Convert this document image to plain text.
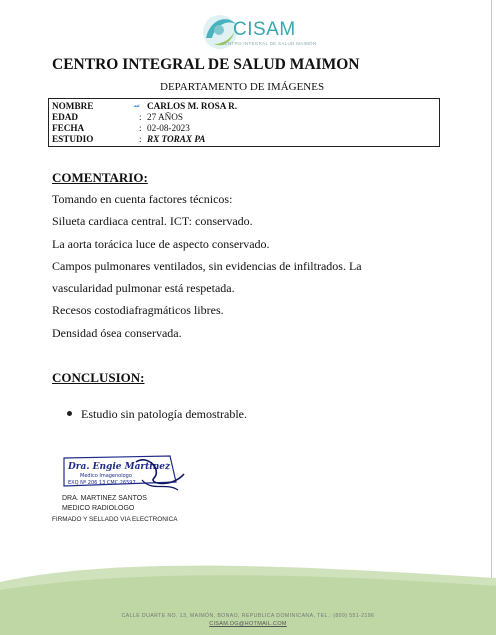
CISAM
CENTRO INTEGRAL DE SALUD MAIMON
CENTRO INTEGRAL DE SALUD MAIMON
DEPARTAMENTO DE IMÁGENES
NOMBRE	ﺳ CARLOS M. ROSA R.
EDAD	: 27 AÑOS
FECHA	: 02-08-2023
ESTUDIO	: RX TORAX PA
COMENTARIO:
Tomando en cuenta factores técnicos:
Silueta cardiaca central. ICT: conservado.
La aorta torácica luce de aspecto conservado.
Campos pulmonares ventilados, sin evidencias de infiltrados. La
vascularidad pulmonar está respetada.
Recesos costodiafragmáticos libres.
Densidad ósea conservada.
CONCLUSION:
Estudio sin patología demostrable.
Dra. Engie Martinez
Medico Imagenologo
EXQ Nº 206 13 CMC 26597
DRA. MARTINEZ SANTOS
MEDICO RADIOLOGO
FIRMADO Y SELLADO VIA ELECTRONICA
CALLE DUARTE NO. 13, MAIMÓN, BONAO, REPUBLICA DOMINICANA, TEL.: (809) 551-2196
CISAM.DG@HOTMAIL.COM
